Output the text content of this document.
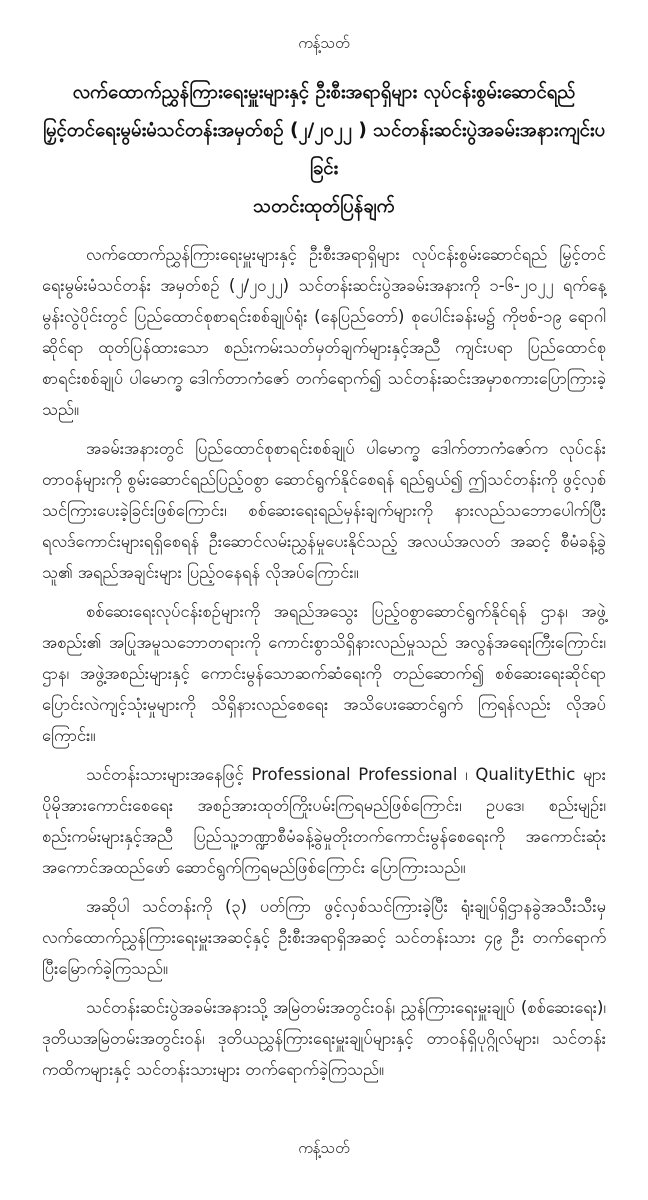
ကန့်သတ်
လက်ထောက်ညွှန်ကြားရေးမှူးများနှင့် ဦးစီးအရာရှိများ လုပ်ငန်းစွမ်းဆောင်ရည်
မြှင့်တင်ရေးမွမ်းမံသင်တန်းအမှတ်စဉ် (၂/၂၀၂၂ ) သင်တန်းဆင်းပွဲအခမ်းအနားကျင်းပခြင်း
သတင်းထုတ်ပြန်ချက်

လက်ထောက်ညွှန်ကြားရေးမှူးများနှင့် ဦးစီးအရာရှိများ လုပ်ငန်းစွမ်းဆောင်ရည် မြှင့်တင်ရေးမွမ်းမံသင်တန်း အမှတ်စဉ် (၂/၂၀၂၂) သင်တန်းဆင်းပွဲအခမ်းအနားကို ၁-၆-၂၀၂၂ ရက်နေ့ မွန်းလွဲပိုင်းတွင် ပြည်ထောင်စုစာရင်းစစ်ချုပ်ရုံး (နေပြည်တော်) စုပေါင်းခန်းမ၌ ကိုဗစ်-၁၉ ရောဂါဆိုင်ရာ ထုတ်ပြန်ထားသော စည်းကမ်းသတ်မှတ်ချက်များနှင့်အညီ ကျင်းပရာ ပြည်ထောင်စုစာရင်းစစ်ချုပ် ပါမောက္ခ ဒေါက်တာကံဇော် တက်ရောက်၍ သင်တန်းဆင်းအမှာစကားပြောကြားခဲ့သည်။

အခမ်းအနားတွင် ပြည်ထောင်စုစာရင်းစစ်ချုပ် ပါမောက္ခ ဒေါက်တာကံဇော်က လုပ်ငန်းတာဝန်များကို စွမ်းဆောင်ရည်ပြည့်ဝစွာ ဆောင်ရွက်နိုင်စေရန် ရည်ရွယ်၍ ဤသင်တန်းကို ဖွင့်လှစ်သင်ကြားပေးခဲ့ခြင်းဖြစ်ကြောင်း၊ စစ်ဆေးရေးရည်မှန်းချက်များကို နားလည်သဘောပေါက်ပြီး ရလဒ်ကောင်းများရရှိစေရန် ဦးဆောင်လမ်းညွှန်မှုပေးနိုင်သည့် အလယ်အလတ် အဆင့် စီမံခန့်ခွဲသူ၏ အရည်အချင်းများ ပြည့်ဝနေရန် လိုအပ်ကြောင်း။

စစ်ဆေးရေးလုပ်ငန်းစဉ်များကို အရည်အသွေး ပြည့်ဝစွာဆောင်ရွက်နိုင်ရန် ဌာန၊ အဖွဲ့အစည်း၏ အပြုအမူသဘောတရားကို ကောင်းစွာသိရှိနားလည်မှုသည် အလွန်အရေးကြီးကြောင်း၊ ဌာန၊ အဖွဲ့အစည်းများနှင့် ကောင်းမွန်သောဆက်ဆံရေးကို တည်ဆောက်၍ စစ်ဆေးရေးဆိုင်ရာ ပြောင်းလဲကျင့်သုံးမှုများကို သိရှိနားလည်စေရေး အသိပေးဆောင်ရွက် ကြရန်လည်း လိုအပ်ကြောင်း။

သင်တန်းသားများအနေဖြင့် Professional Professional ၊ QualityEthic များ ပိုမိုအားကောင်းစေရေး အစဉ်အားထုတ်ကြိုးပမ်းကြရမည်ဖြစ်ကြောင်း၊ ဥပဒေ၊ စည်းမျဉ်း၊ စည်းကမ်းများနှင့်အညီ ပြည်သူ့ဘဏ္ဍာစီမံခန့်ခွဲမှုတိုးတက်ကောင်းမွန်စေရေးကို အကောင်းဆုံး အကောင်အထည်ဖော် ဆောင်ရွက်ကြရမည်ဖြစ်ကြောင်း ပြောကြားသည်။

အဆိုပါ သင်တန်းကို (၃) ပတ်ကြာ ဖွင့်လှစ်သင်ကြားခဲ့ပြီး ရုံးချုပ်ရှိဌာနခွဲအသီးသီးမှ လက်ထောက်ညွှန်ကြားရေးမှူးအဆင့်နှင့် ဦးစီးအရာရှိအဆင့် သင်တန်းသား ၄၉ ဦး တက်ရောက်ပြီးမြောက်ခဲ့ကြသည်။

သင်တန်းဆင်းပွဲအခမ်းအနားသို့ အမြဲတမ်းအတွင်းဝန်၊ ညွှန်ကြားရေးမှူးချုပ် (စစ်ဆေးရေး)၊ ဒုတိယအမြဲတမ်းအတွင်းဝန်၊ ဒုတိယညွှန်ကြားရေးမှူးချုပ်များနှင့် တာဝန်ရှိပုဂ္ဂိုလ်များ၊ သင်တန်းကထိကများနှင့် သင်တန်းသားများ တက်ရောက်ခဲ့ကြသည်။

ကန့်သတ်
